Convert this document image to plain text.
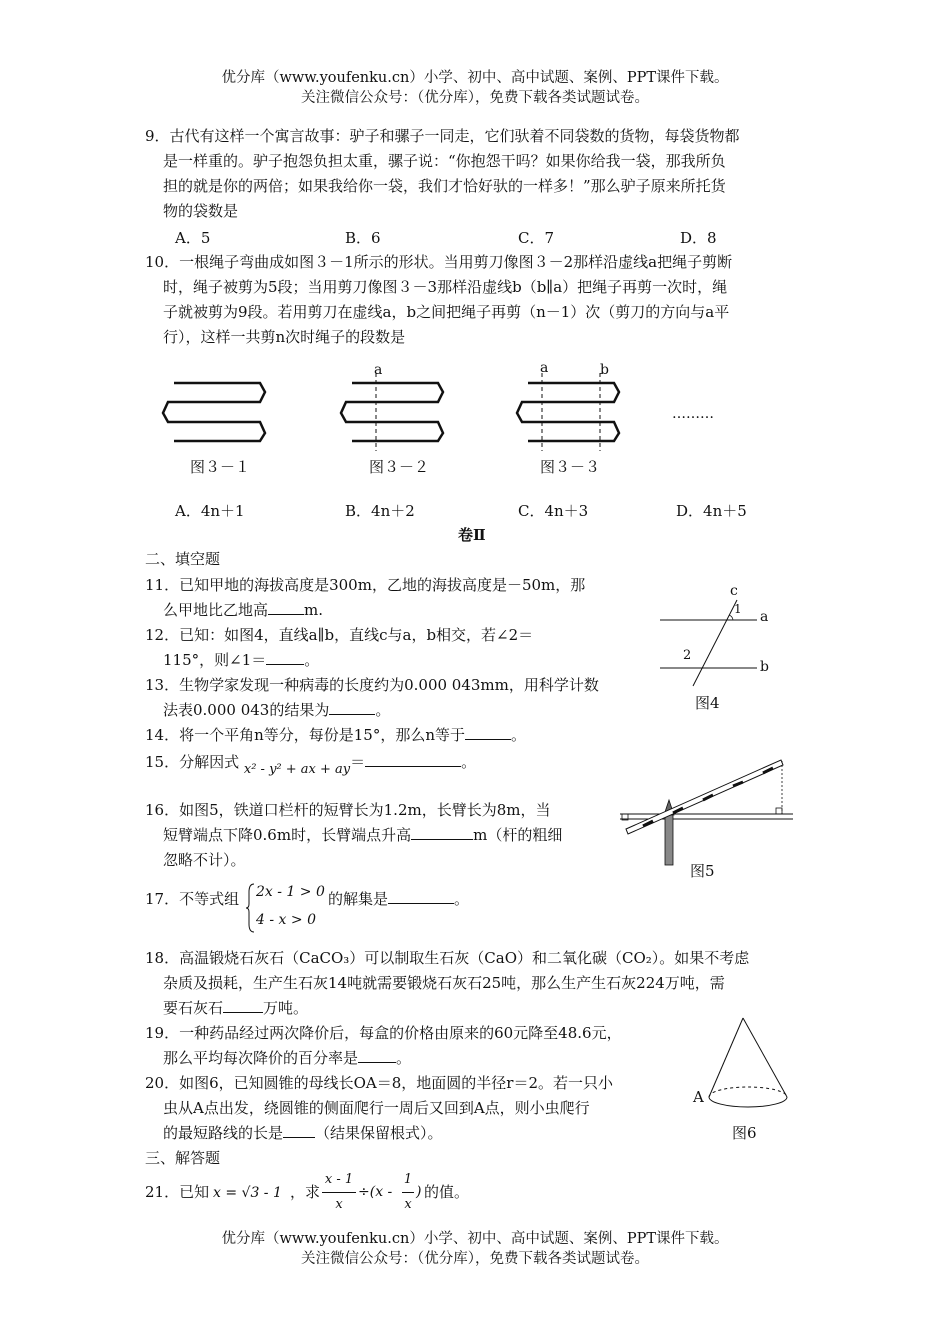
优分库（www.youfenku.cn）小学、初中、高中试题、案例、PPT课件下载。
关注微信公众号：（优分库），免费下载各类试题试卷。
9．古代有这样一个寓言故事：驴子和骡子一同走，它们驮着不同袋数的货物，每袋货物都
是一样重的。驴子抱怨负担太重，骡子说：“你抱怨干吗？如果你给我一袋，那我所负
担的就是你的两倍；如果我给你一袋，我们才恰好驮的一样多！”那么驴子原来所托货
物的袋数是
A．5	B．6	C．7	D．8
10．一根绳子弯曲成如图３－1所示的形状。当用剪刀像图３－2那样沿虚线a把绳子剪断
时，绳子被剪为5段；当用剪刀像图３－3那样沿虚线b（b∥a）把绳子再剪一次时，绳
子就被剪为9段。若用剪刀在虚线a，b之间把绳子再剪（n－1）次（剪刀的方向与a平
行），这样一共剪n次时绳子的段数是
a	a	b
………
图３－１	图３－２	图３－３
A．4n＋1	B．4n＋2	C．4n＋3	D．4n＋5
卷Ⅱ
二、填空题
11．已知甲地的海拔高度是300m，乙地的海拔高度是－50m，那
么甲地比乙地高 m.
12．已知：如图4，直线a∥b，直线c与a，b相交，若∠2＝
115°，则∠1＝	。
c
1 a
2
b
图4
13．生物学家发现一种病毒的长度约为0.000 043mm，用科学计数
法表0.000 043的结果为	。
14．将一个平角n等分，每份是15°，那么n等于	。
15．分解因式 x² - y² + ax + ay＝	。
16．如图5，铁道口栏杆的短臂长为1.2m，长臂长为8m，当
短臂端点下降0.6m时，长臂端点升高	m（杆的粗细
忽略不计）。
图5
17．不等式组 2x - 1 > 0
4 - x > 0
的解集是	。
18．高温锻烧石灰石（CaCO₃）可以制取生石灰（CaO）和二氧化碳（CO₂）。如果不考虑
杂质及损耗，生产生石灰14吨就需要锻烧石灰石25吨，那么生产生石灰224万吨，需
要石灰石	万吨。
19．一种药品经过两次降价后，每盒的价格由原来的60元降至48.6元，
那么平均每次降价的百分率是	。
20．如图6，已知圆锥的母线长OA＝8，地面圆的半径r＝2。若一只小
虫从A点出发，绕圆锥的侧面爬行一周后又回到A点，则小虫爬行
的最短路线的长是 （结果保留根式）。
A
图6
三、解答题
21．已知 x = √3 - 1 ，求
x - 1
x
÷(x -
1
x
) 的值。
优分库（www.youfenku.cn）小学、初中、高中试题、案例、PPT课件下载。
关注微信公众号：（优分库），免费下载各类试题试卷。
